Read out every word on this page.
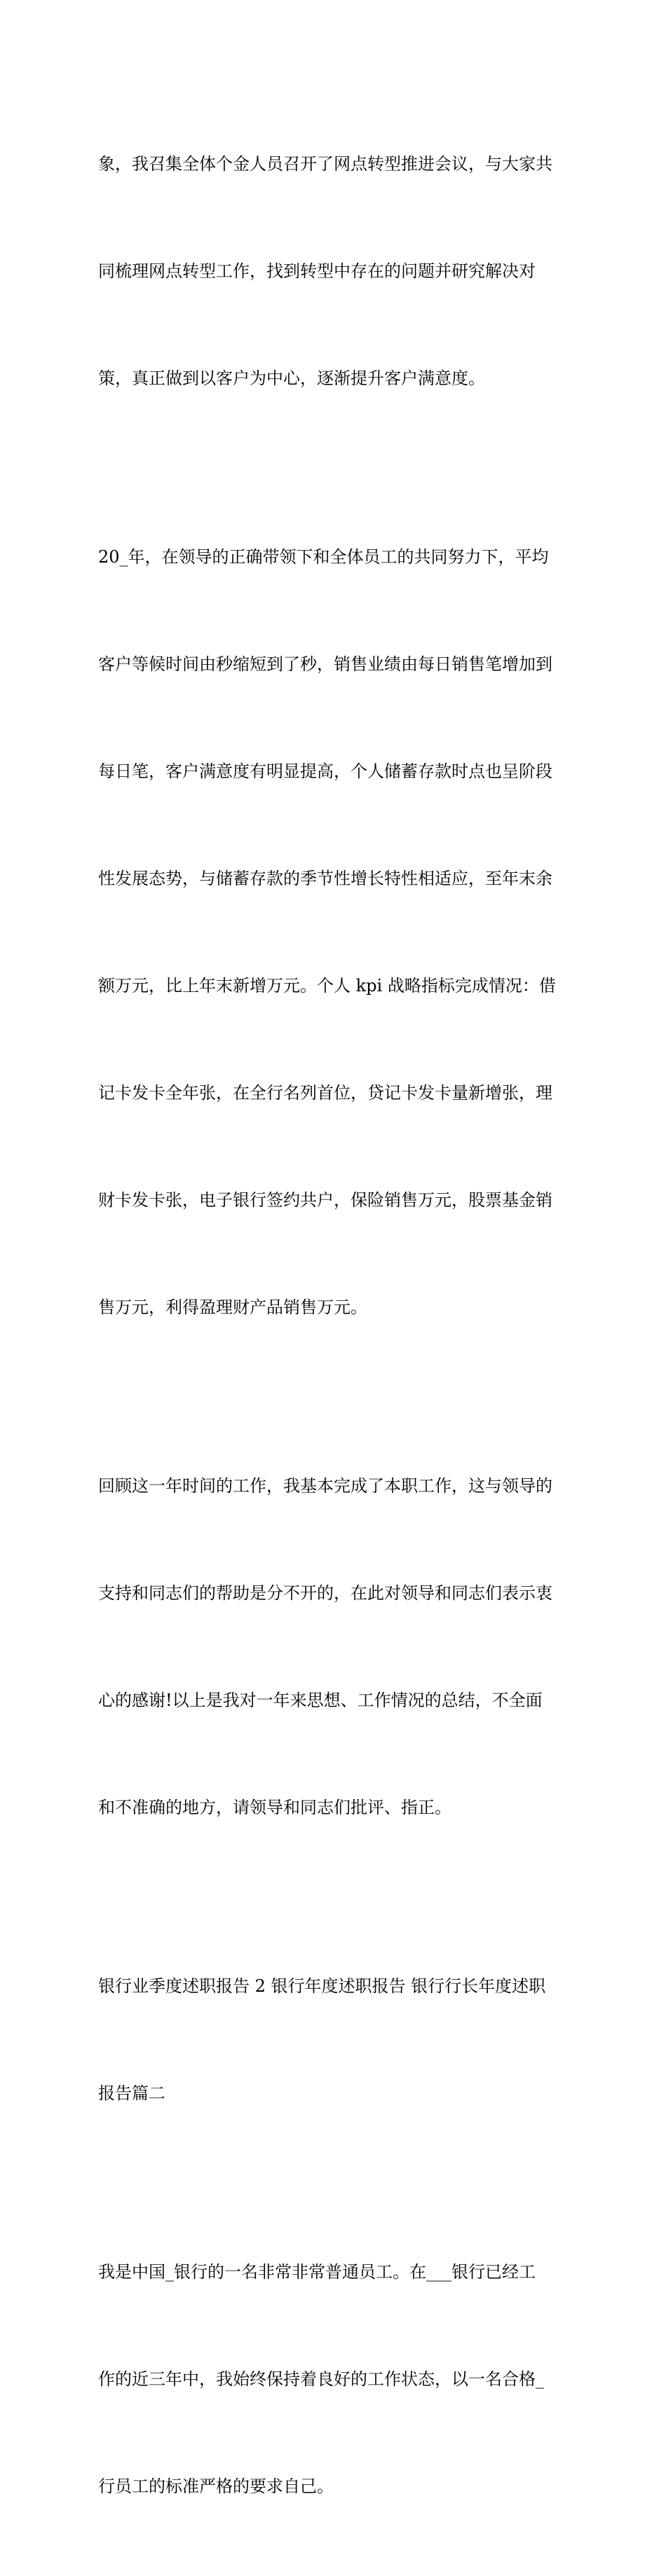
象，我召集全体个金人员召开了网点转型推进会议，与大家共

同梳理网点转型工作，找到转型中存在的问题并研究解决对

策，真正做到以客户为中心，逐渐提升客户满意度。

20_年，在领导的正确带领下和全体员工的共同努力下，平均

客户等候时间由秒缩短到了秒，销售业绩由每日销售笔增加到

每日笔，客户满意度有明显提高，个人储蓄存款时点也呈阶段

性发展态势，与储蓄存款的季节性增长特性相适应，至年末余

额万元，比上年末新增万元。个人 kpi 战略指标完成情况：借

记卡发卡全年张，在全行名列首位，贷记卡发卡量新增张，理

财卡发卡张，电子银行签约共户，保险销售万元，股票基金销

售万元，利得盈理财产品销售万元。

回顾这一年时间的工作，我基本完成了本职工作，这与领导的

支持和同志们的帮助是分不开的，在此对领导和同志们表示衷

心的感谢!以上是我对一年来思想、工作情况的总结，不全面

和不准确的地方，请领导和同志们批评、指正。

银行业季度述职报告 2 银行年度述职报告 银行行长年度述职

报告篇二

我是中国_银行的一名非常非常普通员工。在___银行已经工

作的近三年中，我始终保持着良好的工作状态，以一名合格_

行员工的标准严格的要求自己。
